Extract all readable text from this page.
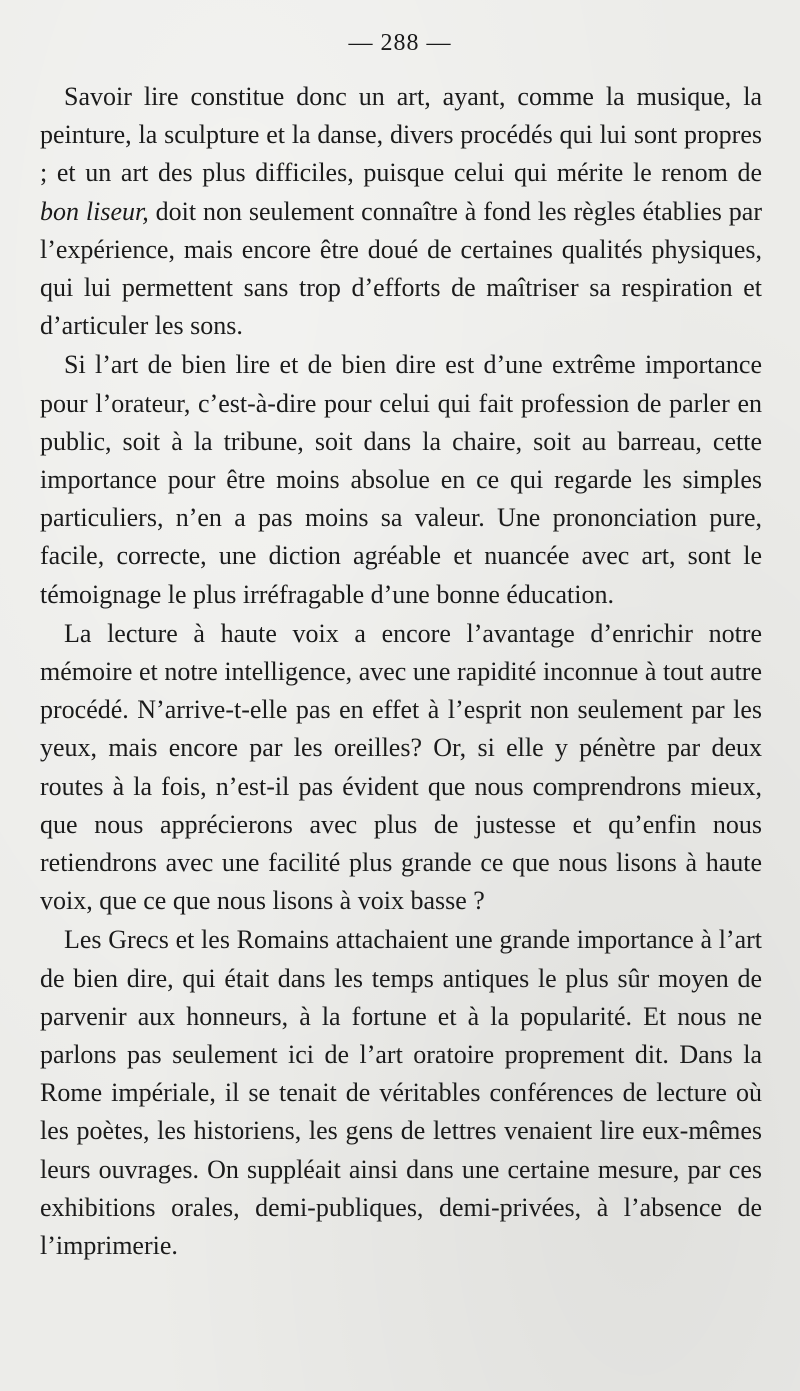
— 288 —

Savoir lire constitue donc un art, ayant, comme la musique, la peinture, la sculpture et la danse, divers procédés qui lui sont propres ; et un art des plus difficiles, puisque celui qui mérite le renom de bon liseur, doit non seulement connaître à fond les règles établies par l’expérience, mais encore être doué de certaines qualités physiques, qui lui permettent sans trop d’efforts de maîtriser sa respiration et d’articuler les sons.

Si l’art de bien lire et de bien dire est d’une extrême importance pour l’orateur, c’est-à-dire pour celui qui fait profession de parler en public, soit à la tribune, soit dans la chaire, soit au barreau, cette importance pour être moins absolue en ce qui regarde les simples particuliers, n’en a pas moins sa valeur. Une prononciation pure, facile, correcte, une diction agréable et nuancée avec art, sont le témoignage le plus irréfragable d’une bonne éducation.

La lecture à haute voix a encore l’avantage d’enrichir notre mémoire et notre intelligence, avec une rapidité inconnue à tout autre procédé. N’arrive-t-elle pas en effet à l’esprit non seulement par les yeux, mais encore par les oreilles? Or, si elle y pénètre par deux routes à la fois, n’est-il pas évident que nous comprendrons mieux, que nous apprécierons avec plus de justesse et qu’enfin nous retiendrons avec une facilité plus grande ce que nous lisons à haute voix, que ce que nous lisons à voix basse ?

Les Grecs et les Romains attachaient une grande importance à l’art de bien dire, qui était dans les temps antiques le plus sûr moyen de parvenir aux honneurs, à la fortune et à la popularité. Et nous ne parlons pas seulement ici de l’art oratoire proprement dit. Dans la Rome impériale, il se tenait de véritables conférences de lecture où les poètes, les historiens, les gens de lettres venaient lire eux-mêmes leurs ouvrages. On suppléait ainsi dans une certaine mesure, par ces exhibitions orales, demi-publiques, demi-privées, à l’absence de l’imprimerie.
